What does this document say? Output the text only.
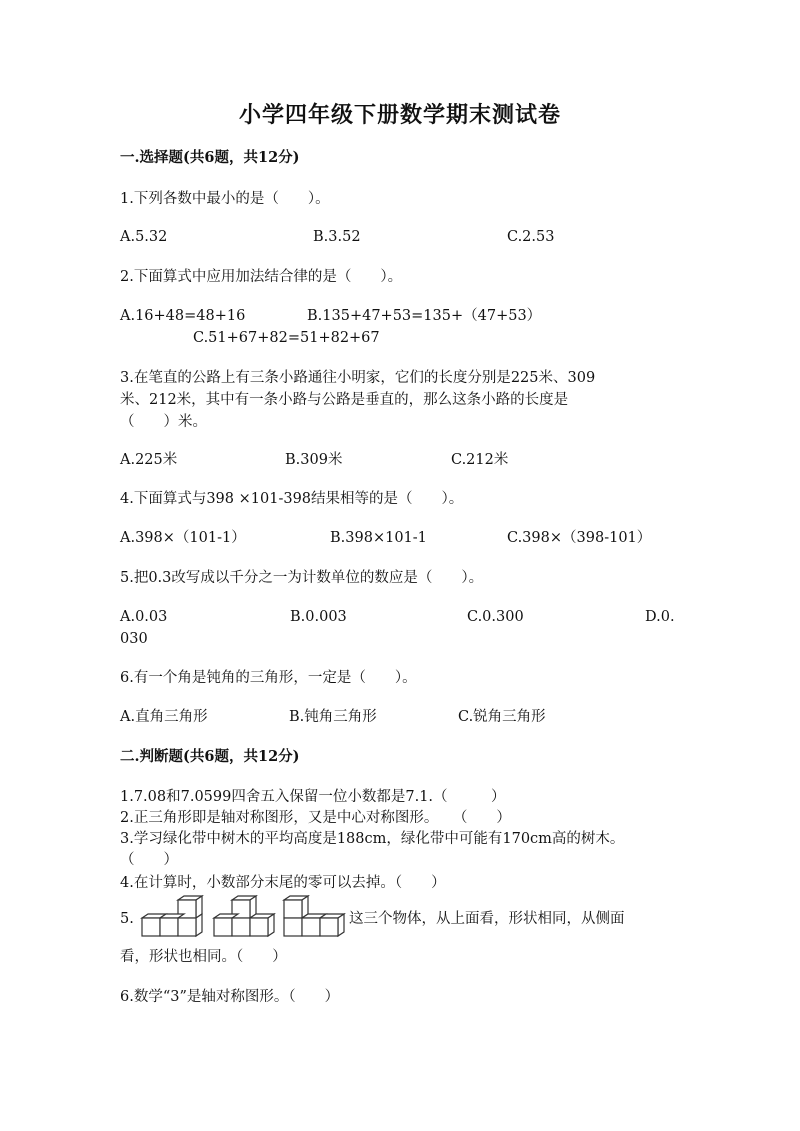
小学四年级下册数学期末测试卷
一.选择题(共6题，共12分)
1.下列各数中最小的是（　　）。
A.5.32	B.3.52	C.2.53
2.下面算式中应用加法结合律的是（　　）。
A.16+48=48+16	B.135+47+53=135+（47+53）
C.51+67+82=51+82+67
3.在笔直的公路上有三条小路通往小明家，它们的长度分别是225米、309
米、212米，其中有一条小路与公路是垂直的，那么这条小路的长度是
（　　）米。
A.225米	B.309米	C.212米
4.下面算式与398 ×101-398结果相等的是（　　）。
A.398×（101-1）	B.398×101-1	C.398×（398-101）
5.把0.3改写成以千分之一为计数单位的数应是（　　）。
A.0.03	B.0.003	C.0.300	D.0.
030
6.有一个角是钝角的三角形，一定是（　　）。
A.直角三角形	B.钝角三角形	C.锐角三角形
二.判断题(共6题，共12分)
1.7.08和7.0599四舍五入保留一位小数都是7.1.（　　　）
2.正三角形即是轴对称图形，又是中心对称图形。　　（　　）
3.学习绿化带中树木的平均高度是188cm，绿化带中可能有170cm高的树木。
（　　）
4.在计算时，小数部分末尾的零可以去掉。（　　）
5.	这三个物体，从上面看，形状相同，从侧面
看，形状也相同。（　　）
6.数学“3”是轴对称图形。（　　）
